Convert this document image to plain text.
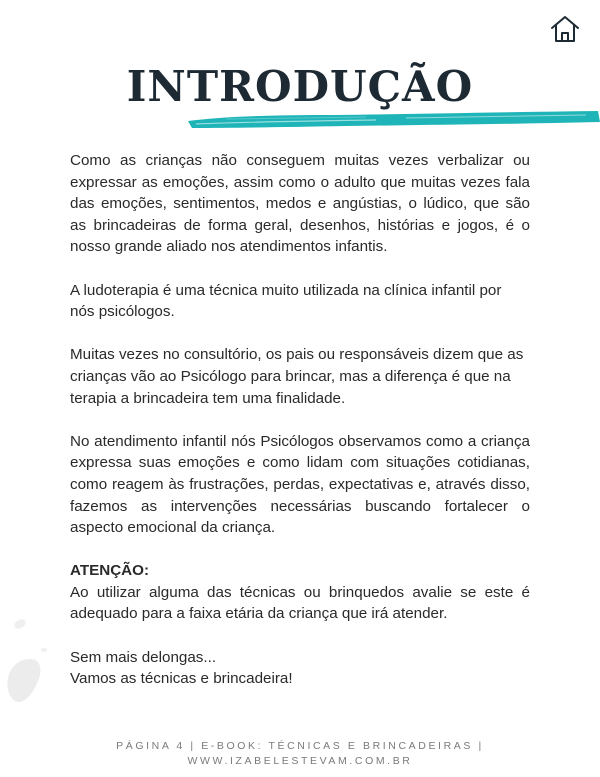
INTRODUÇÃO

Como as crianças não conseguem muitas vezes verbalizar ou expressar as emoções, assim como o adulto que muitas vezes fala das emoções, sentimentos, medos e angústias, o lúdico, que são as brincadeiras de forma geral, desenhos, histórias e jogos, é o nosso grande aliado nos atendimentos infantis.

A ludoterapia é uma técnica muito utilizada na clínica infantil por nós psicólogos.

Muitas vezes no consultório, os pais ou responsáveis dizem que as crianças vão ao Psicólogo para brincar, mas a diferença é que na terapia a brincadeira tem uma finalidade.

No atendimento infantil nós Psicólogos observamos como a criança expressa suas emoções e como lidam com situações cotidianas, como reagem às frustrações, perdas, expectativas e, através disso, fazemos as intervenções necessárias buscando fortalecer o aspecto emocional da criança.

ATENÇÃO:
Ao utilizar alguma das técnicas ou brinquedos avalie se este é adequado para a faixa etária da criança que irá atender.

Sem mais delongas...
Vamos as técnicas e brincadeira!

PÁGINA 4 | E-BOOK: TÉCNICAS E BRINCADEIRAS |
WWW.IZABELESTEVAM.COM.BR
